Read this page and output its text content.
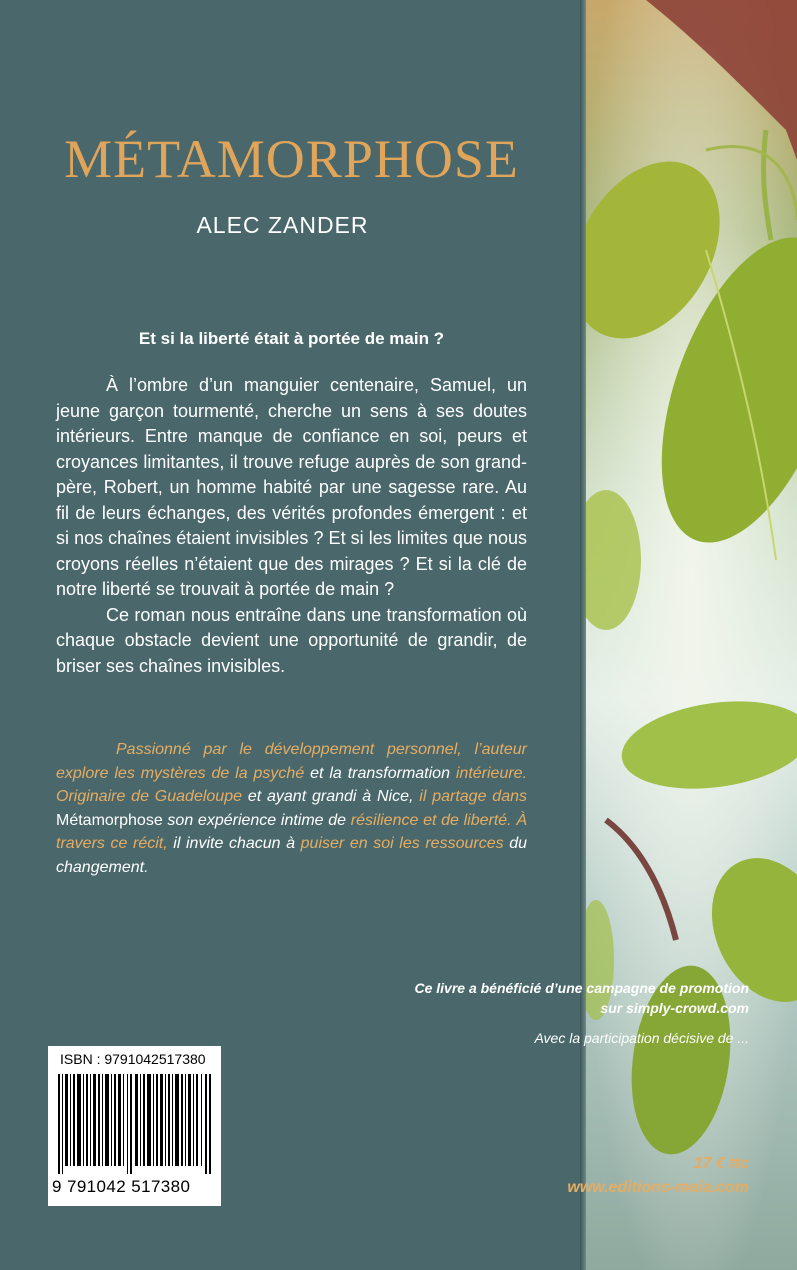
MÉTAMORPHOSE
ALEC ZANDER
Et si la liberté était à portée de main ?

À l’ombre d’un manguier centenaire, Samuel, un jeune garçon tourmenté, cherche un sens à ses doutes intérieurs. Entre manque de confiance en soi, peurs et croyances limitantes, il trouve refuge auprès de son grand-père, Robert, un homme habité par une sagesse rare. Au fil de leurs échanges, des vérités profondes émergent : et si nos chaînes étaient invisibles ? Et si les limites que nous croyons réelles n’étaient que des mirages ? Et si la clé de notre liberté se trouvait à portée de main ?

Ce roman nous entraîne dans une transformation où chaque obstacle devient une opportunité de grandir, de briser ses chaînes invisibles.

Passionné par le développement personnel, l’auteur explore les mystères de la psyché et la transformation intérieure. Originaire de Guadeloupe et ayant grandi à Nice, il partage dans Métamorphose son expérience intime de résilience et de liberté. À travers ce récit, il invite chacun à puiser en soi les ressources du changement.
Ce livre a bénéficié d’une campagne de promotion
sur simply-crowd.com
Avec la participation décisive de ...
ISBN : 9791042517380
9 791042 517380
17 € ttc
www.editions-maia.com
